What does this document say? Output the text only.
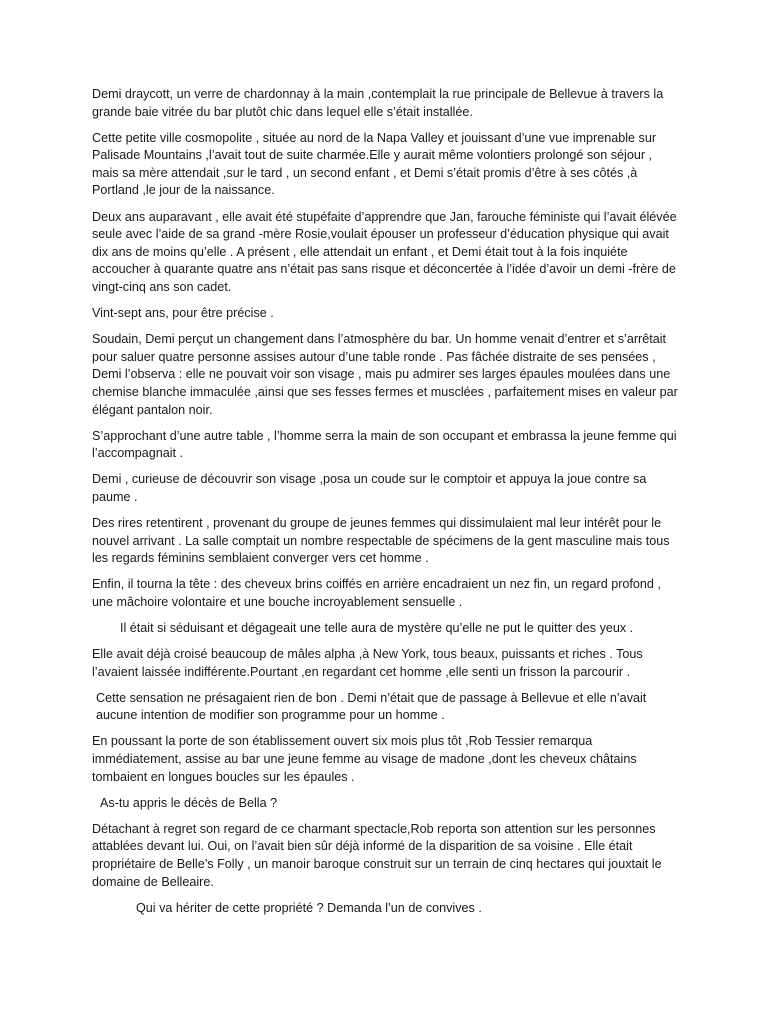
Demi draycott, un verre de chardonnay à la main ,contemplait la rue principale de Bellevue à travers la grande baie vitrée du bar plutôt chic dans lequel elle s’était installée.

Cette petite ville cosmopolite , située au nord de la Napa Valley et jouissant d’une vue imprenable sur Palisade Mountains ,l’avait tout de suite charmée.Elle y aurait même volontiers prolongé son séjour , mais sa mère attendait ,sur le tard , un second enfant , et Demi s’était promis d’être à ses côtés ,à Portland ,le jour de la naissance.

Deux ans auparavant , elle avait été stupéfaite d’apprendre que Jan, farouche féministe qui l’avait élévée seule avec l’aide de sa grand -mère Rosie,voulait épouser un professeur d’éducation physique qui avait dix ans de moins qu’elle . A présent , elle attendait un enfant , et Demi était tout à la fois inquiéte accoucher à quarante quatre ans n’était pas sans risque et déconcertée à l’idée d’avoir un demi -frère de vingt-cinq ans son cadet.

Vint-sept ans, pour être précise .

Soudain, Demi perçut un changement dans l’atmosphère du bar. Un homme venait d’entrer et s’arrêtait pour saluer quatre personne assises autour d’une table ronde . Pas fâchée distraite de ses pensées , Demi l’observa : elle ne pouvait voir son visage , mais pu admirer ses larges épaules moulées dans une chemise blanche immaculée ,ainsi que ses fesses fermes et musclées , parfaitement mises en valeur par élégant pantalon noir.

S’approchant d’une autre table , l’homme serra la main de son occupant et embrassa la jeune femme qui l’accompagnait .

Demi , curieuse de découvrir son visage ,posa un coude sur le comptoir et appuya la joue contre sa paume .

Des rires retentirent , provenant du groupe de jeunes femmes qui dissimulaient mal leur intérêt pour le nouvel arrivant . La salle comptait un nombre respectable de spécimens de la gent masculine mais tous les regards féminins semblaient converger vers cet homme .

Enfin, il tourna la tête : des cheveux brins coiffés en arrière encadraient un nez fin, un regard profond , une mâchoire volontaire et une bouche incroyablement sensuelle .

Il était si séduisant et dégageait une telle aura de mystère qu’elle ne put le quitter des yeux .

Elle avait déjà croisé beaucoup de mâles alpha ,à New York, tous beaux, puissants et riches . Tous l’avaient laissée indifférente.Pourtant ,en regardant cet homme ,elle senti un frisson la parcourir .

Cette sensation ne présagaient rien de bon . Demi n’était que de passage à Bellevue et elle n’avait aucune intention de modifier son programme pour un homme .

En poussant la porte de son établissement ouvert six mois plus tôt ,Rob Tessier remarqua immédiatement, assise au bar une jeune femme au visage de madone ,dont les cheveux châtains tombaient en longues boucles sur les épaules .

As-tu appris le décès de Bella ?

Détachant à regret son regard de ce charmant spectacle,Rob reporta son attention sur les personnes attablées devant lui. Oui, on l’avait bien sûr déjà informé de la disparition de sa voisine . Elle était propriétaire de Belle’s Folly , un manoir baroque construit sur un terrain de cinq hectares qui jouxtait le domaine de Belleaire.

Qui va hériter de cette propriété ? Demanda l’un de convives .
